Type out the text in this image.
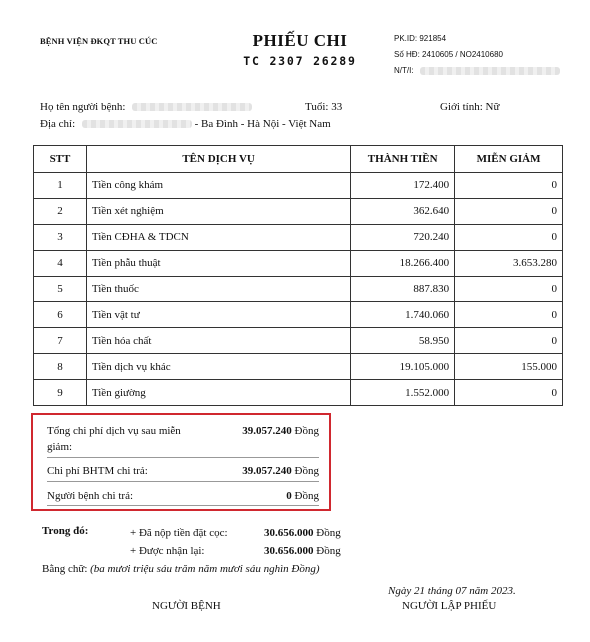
BỆNH VIỆN ĐKQT THU CÚC	PHIẾU CHI
TC 2307 26289
PK.ID: 921854
Số HĐ: 2410605 / NO2410680
N/T/I:
Họ tên người bệnh:	Tuổi: 33	Giới tính: Nữ
Địa chỉ:	- Ba Đình - Hà Nội - Việt Nam
STT	TÊN DỊCH VỤ	THÀNH TIỀN	MIỄN GIẢM
1	Tiền công khám	172.400	0
2	Tiền xét nghiệm	362.640	0
3	Tiền CĐHA & TDCN	720.240	0
4	Tiền phẫu thuật	18.266.400	3.653.280
5	Tiền thuốc	887.830	0
6	Tiền vật tư	1.740.060	0
7	Tiền hóa chất	58.950	0
8	Tiền dịch vụ khác	19.105.000	155.000
9	Tiền giường	1.552.000	0
Tổng chi phí dịch vụ sau miễn
giảm:
39.057.240 Đồng
Chi phí BHTM chi trả:	39.057.240 Đồng
Người bệnh chi trả:	0 Đồng
Trong đó:	+ Đã nộp tiền đặt cọc:	30.656.000 Đồng
+ Được nhận lại:	30.656.000 Đồng
Bằng chữ: (ba mươi triệu sáu trăm năm mươi sáu nghìn Đồng)
Ngày 21 tháng 07 năm 2023.
NGƯỜI BỆNH	NGƯỜI LẬP PHIẾU
